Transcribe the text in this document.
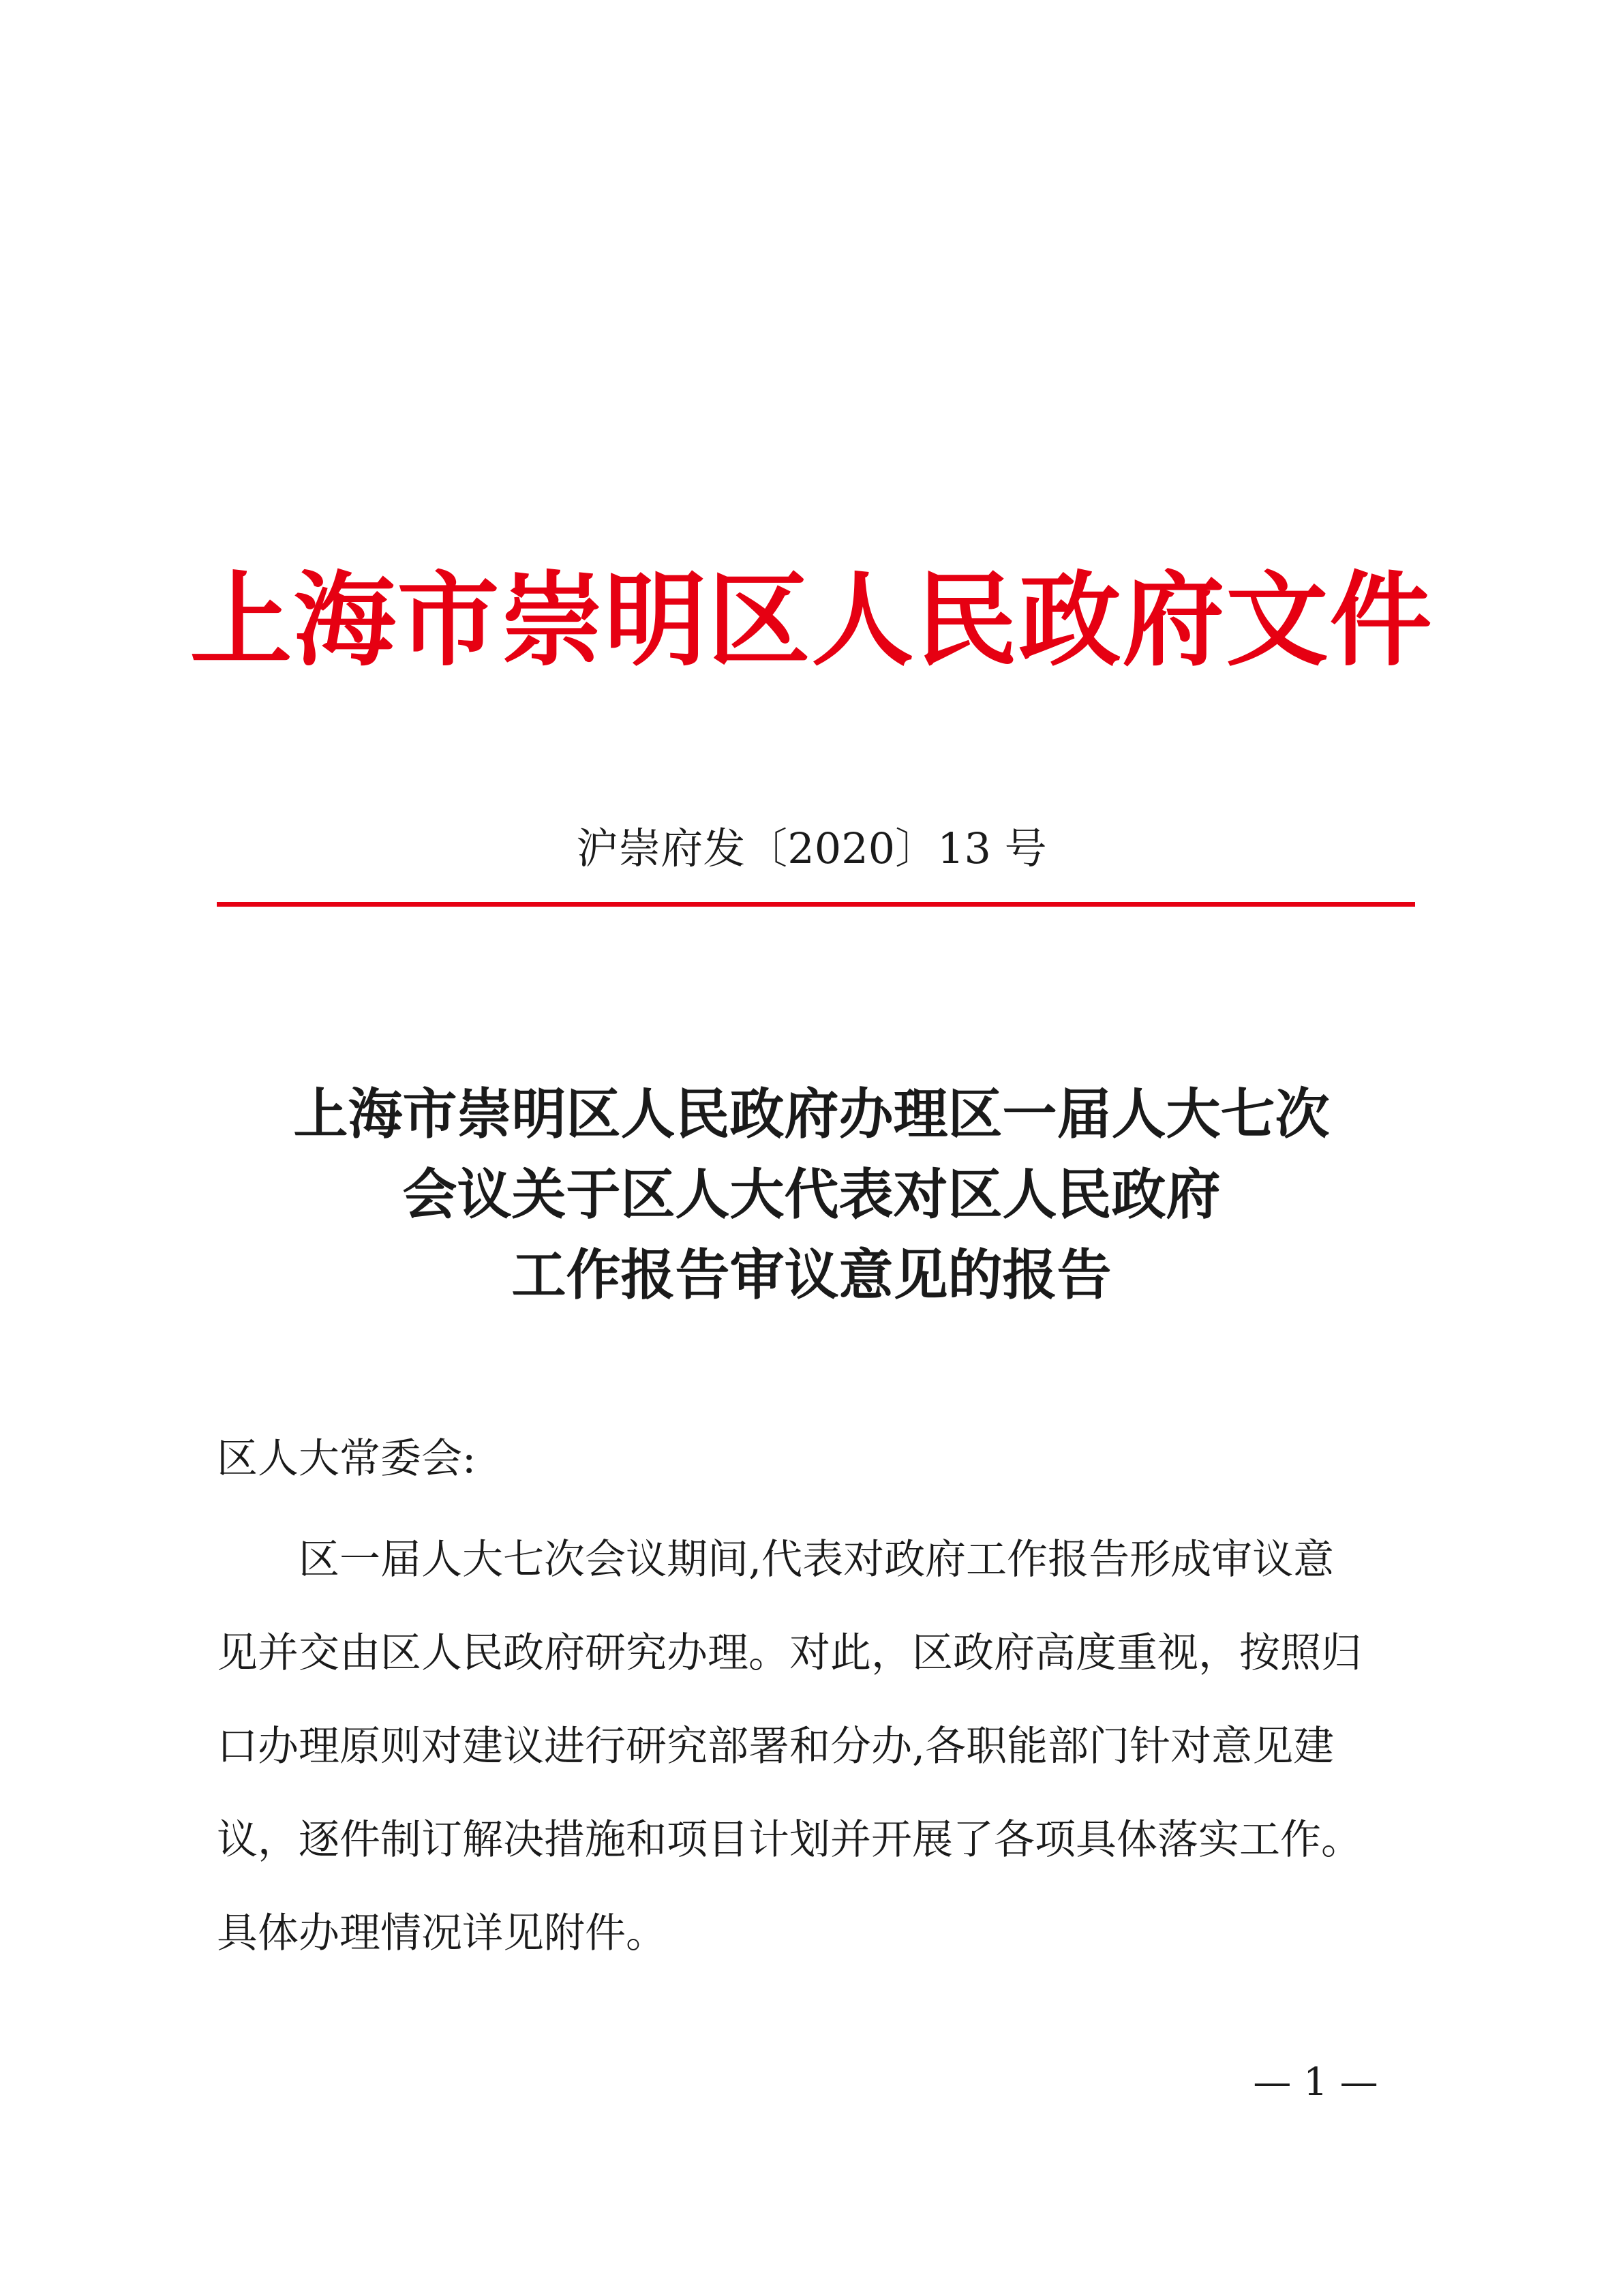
上海市崇明区人民政府文件
沪崇府发〔2020〕13 号
上海市崇明区人民政府办理区一届人大七次
会议关于区人大代表对区人民政府
工作报告审议意见的报告
区人大常委会:
　　区一届人大七次会议期间,代表对政府工作报告形成审议意
见并交由区人民政府研究办理。对此，区政府高度重视，按照归
口办理原则对建议进行研究部署和分办,各职能部门针对意见建
议，逐件制订解决措施和项目计划并开展了各项具体落实工作。
具体办理情况详见附件。
— 1 —
